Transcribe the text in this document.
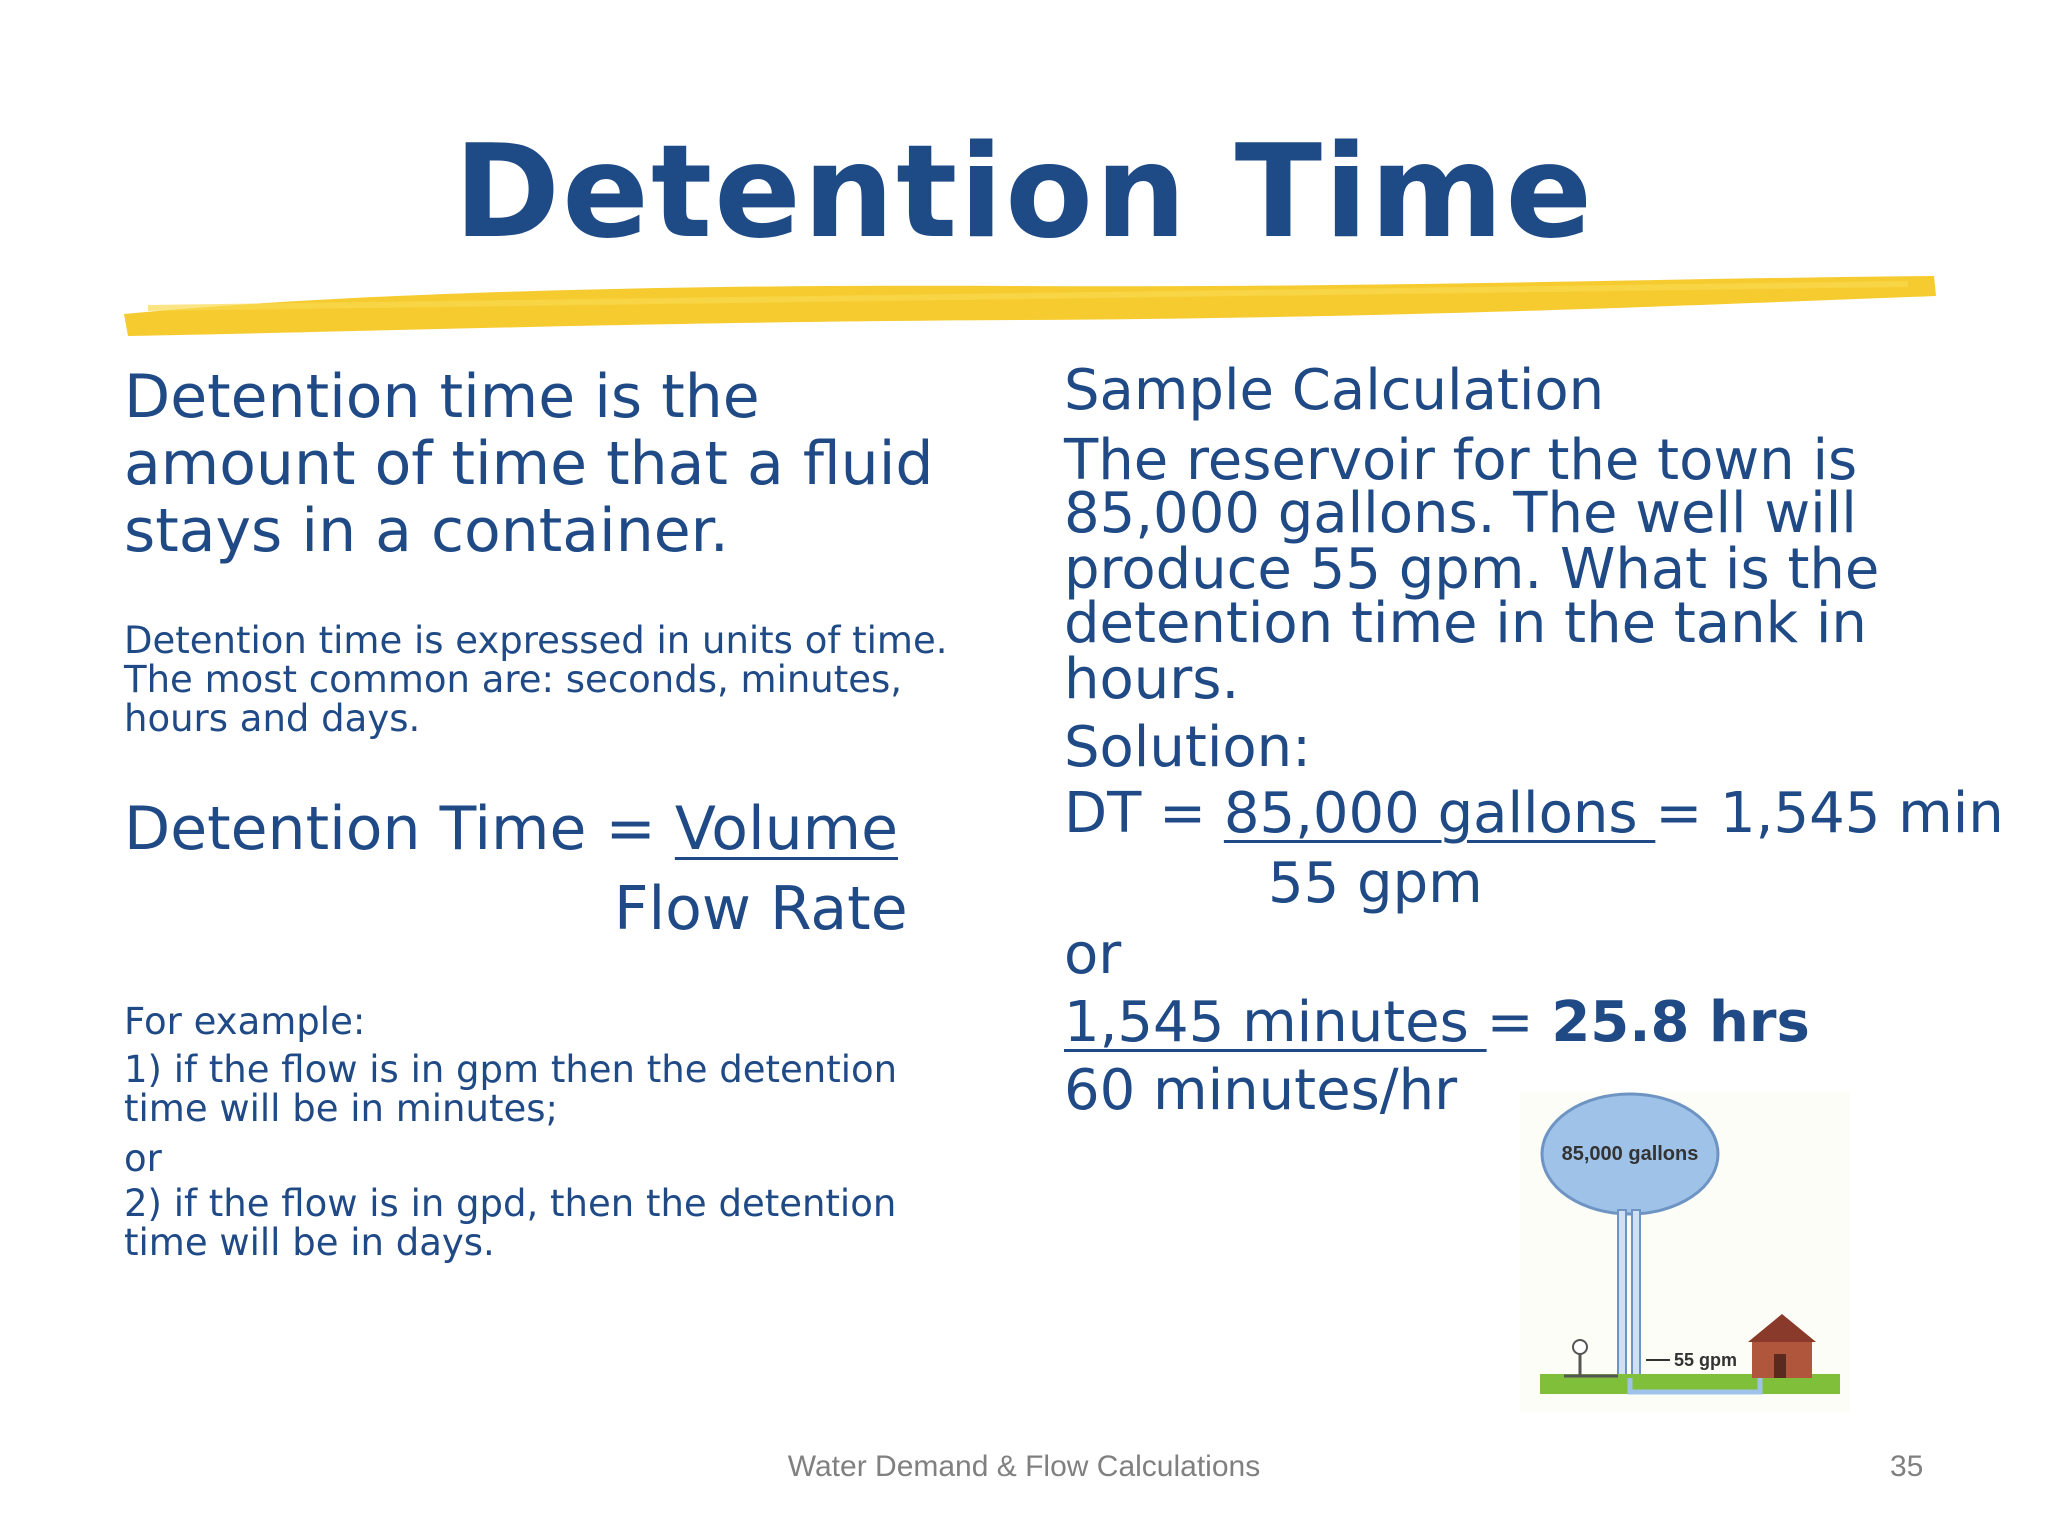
Detention Time
Detention time is the
amount of time that a fluid
stays in a container.
Detention time is expressed in units of time.
The most common are: seconds, minutes,
hours and days.
Detention Time = Volume
Flow Rate
For example:
1) if the flow is in gpm then the detention
time will be in minutes;
or
2) if the flow is in gpd, then the detention
time will be in days.
Sample Calculation
The reservoir for the town is
85,000 gallons. The well will
produce 55 gpm. What is the
detention time in the tank in
hours.
Solution:
DT = 85,000 gallons = 1,545 min
55 gpm
or
1,545 minutes = 25.8 hrs
60 minutes/hr
85,000 gallons
55 gpm
Water Demand & Flow Calculations	35
